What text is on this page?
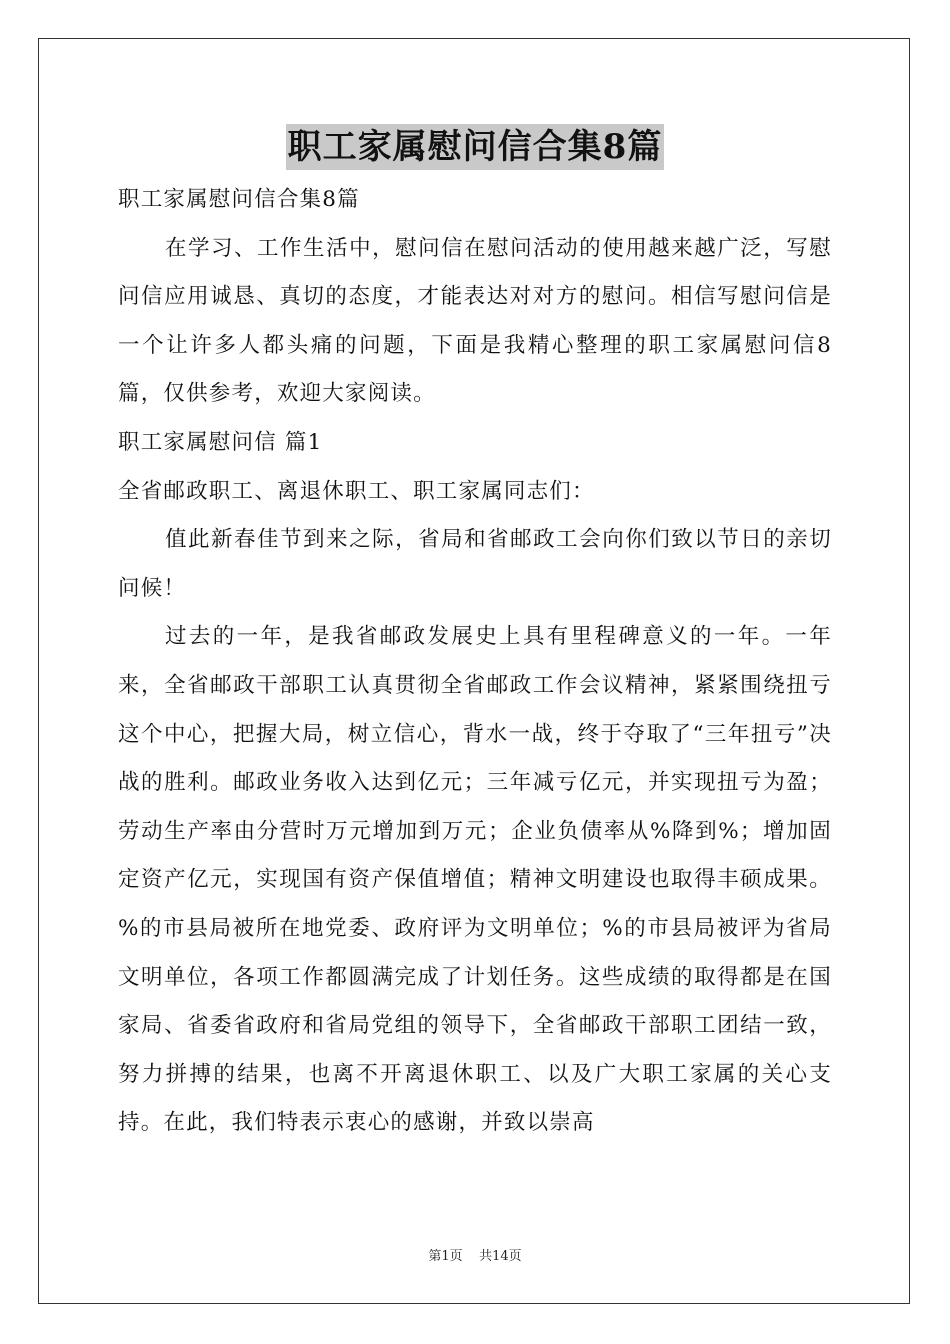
职工家属慰问信合集8篇

职工家属慰问信合集8篇

在学习、工作生活中，慰问信在慰问活动的使用越来越广泛，写慰问信应用诚恳、真切的态度，才能表达对对方的慰问。相信写慰问信是一个让许多人都头痛的问题，下面是我精心整理的职工家属慰问信8篇，仅供参考，欢迎大家阅读。

职工家属慰问信 篇1

全省邮政职工、离退休职工、职工家属同志们：

值此新春佳节到来之际，省局和省邮政工会向你们致以节日的亲切问候！

过去的一年，是我省邮政发展史上具有里程碑意义的一年。一年来，全省邮政干部职工认真贯彻全省邮政工作会议精神，紧紧围绕扭亏这个中心，把握大局，树立信心，背水一战，终于夺取了“三年扭亏”决战的胜利。邮政业务收入达到亿元；三年减亏亿元，并实现扭亏为盈；劳动生产率由分营时万元增加到万元；企业负债率从%降到%；增加固定资产亿元，实现国有资产保值增值；精神文明建设也取得丰硕成果。%的市县局被所在地党委、政府评为文明单位；%的市县局被评为省局文明单位，各项工作都圆满完成了计划任务。这些成绩的取得都是在国家局、省委省政府和省局党组的领导下，全省邮政干部职工团结一致，努力拼搏的结果，也离不开离退休职工、以及广大职工家属的关心支持。在此，我们特表示衷心的感谢，并致以崇高

第1页    共14页
